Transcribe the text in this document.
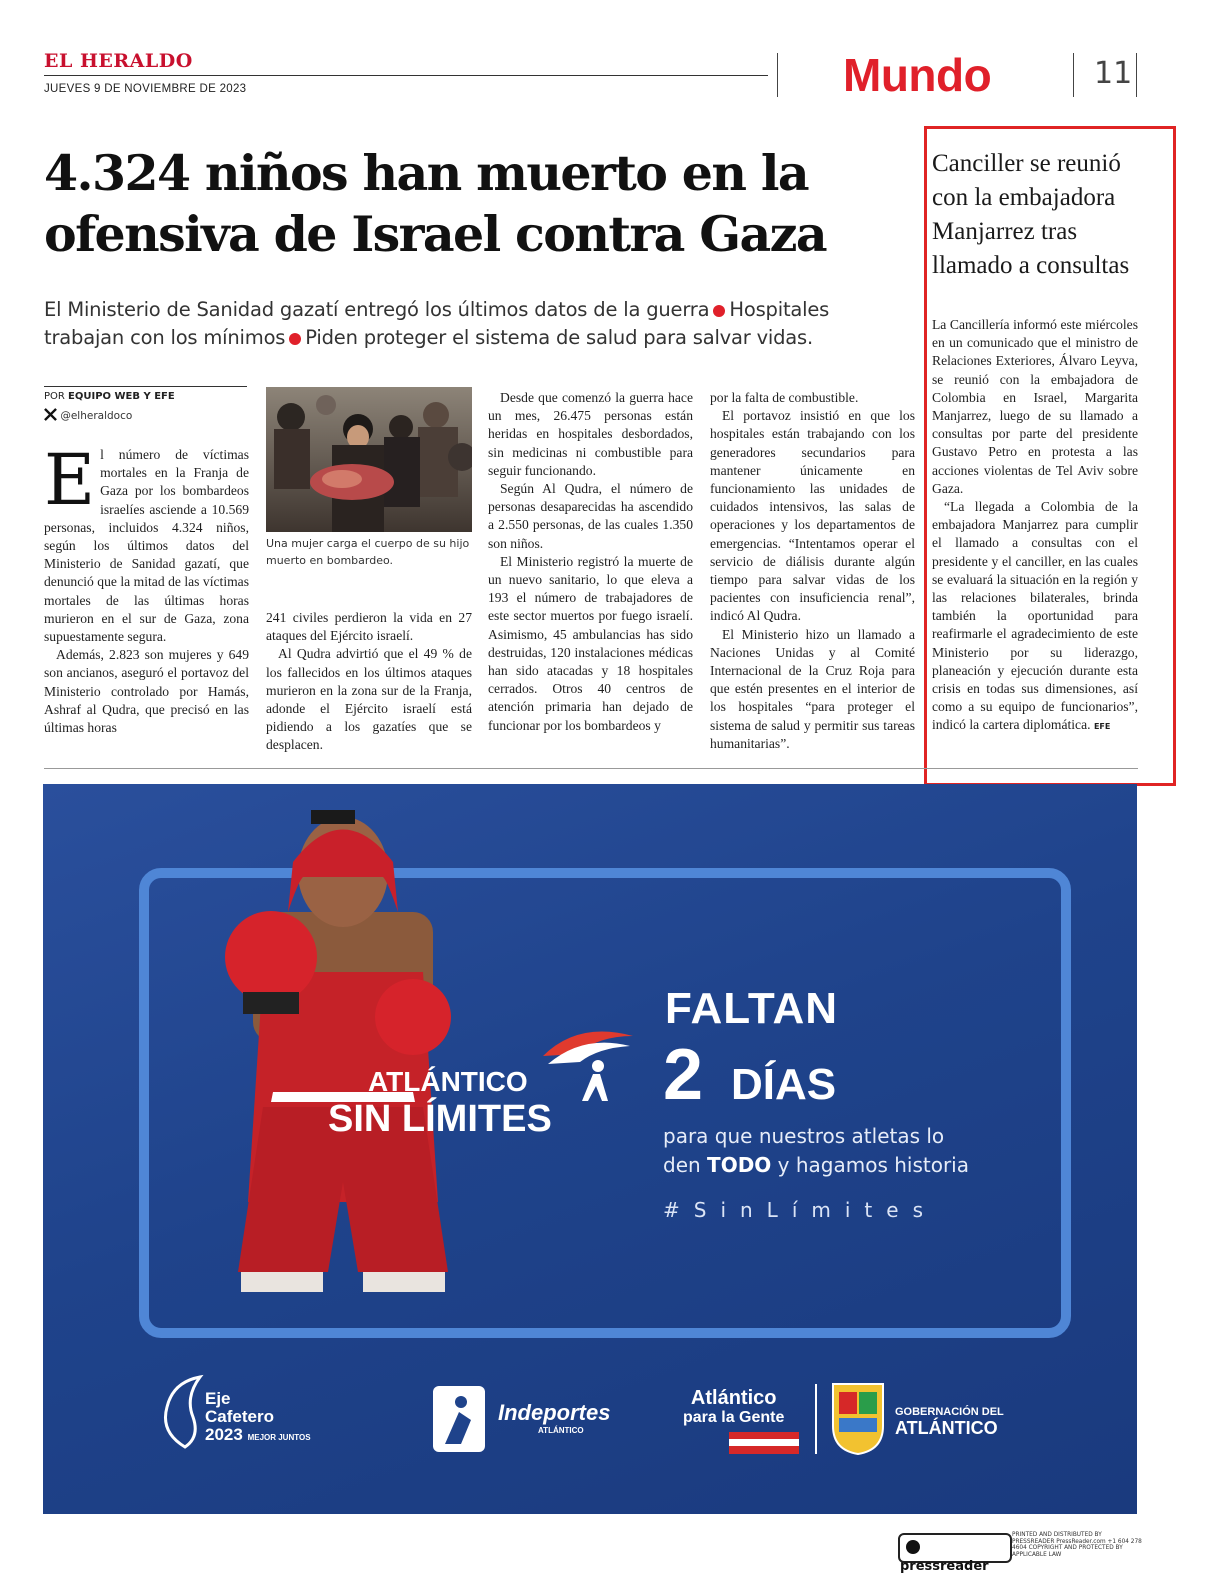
EL HERALDO
JUEVES 9 DE NOVIEMBRE DE 2023	Mundo	11
4.324 niños han muerto en la
ofensiva de Israel contra Gaza
El Ministerio de Sanidad gazatí entregó los últimos datos de la guerra Hospitales trabajan con los mínimos Piden proteger el sistema de salud para salvar vidas.
POR EQUIPO WEB Y EFE
@elheraldoco
E l número de víctimas mortales en la Franja de Gaza por los bombardeos israelíes asciende a 10.569 personas, incluidos 4.324 niños, según los últimos datos del Ministerio de Sanidad gazatí, que denunció que la mitad de las víctimas mortales de las últimas horas murieron en el sur de Gaza, zona supuestamente segura.

Además, 2.823 son mujeres y 649 son ancianos, aseguró el portavoz del Ministerio controlado por Hamás, Ashraf al Qudra, que precisó en las últimas horas

Una mujer carga el cuerpo de su hijo muerto en bombardeo.

241 civiles perdieron la vida en 27 ataques del Ejército israelí.

Al Qudra advirtió que el 49 % de los fallecidos en los últimos ataques murieron en la zona sur de la Franja, adonde el Ejército israelí está pidiendo a los gazatíes que se desplacen.

Desde que comenzó la guerra hace un mes, 26.475 personas están heridas en hospitales desbordados, sin medicinas ni combustible para seguir funcionando.

Según Al Qudra, el número de personas desaparecidas ha ascendido a 2.550 personas, de las cuales 1.350 son niños.

El Ministerio registró la muerte de un nuevo sanitario, lo que eleva a 193 el número de trabajadores de este sector muertos por fuego israelí. Asimismo, 45 ambulancias has sido destruidas, 120 instalaciones médicas han sido atacadas y 18 hospitales cerrados. Otros 40 centros de atención primaria han dejado de funcionar por los bombardeos y

por la falta de combustible.

El portavoz insistió en que los hospitales están trabajando con los generadores secundarios para mantener únicamente en funcionamiento las unidades de cuidados intensivos, las salas de operaciones y los departamentos de emergencias. “Intentamos operar el servicio de diálisis durante algún tiempo para salvar vidas de los pacientes con insuficiencia renal”, indicó Al Qudra.

El Ministerio hizo un llamado a Naciones Unidas y al Comité Internacional de la Cruz Roja para que estén presentes en el interior de los hospitales “para proteger el sistema de salud y permitir sus tareas humanitarias”.

Canciller se reunió con la embajadora Manjarrez tras llamado a consultas

La Cancillería informó este miércoles en un comunicado que el ministro de Relaciones Exteriores, Álvaro Leyva, se reunió con la embajadora de Colombia en Israel, Margarita Manjarrez, luego de su llamado a consultas por parte del presidente Gustavo Petro en protesta a las acciones violentas de Tel Aviv sobre Gaza.

“La llegada a Colombia de la embajadora Manjarrez para cumplir el llamado a consultas con el presidente y el canciller, en las cuales se evaluará la situación en la región y las relaciones bilaterales, brinda también la oportunidad para reafirmarle el agradecimiento de este Ministerio por su liderazgo, planeación y ejecución durante esta crisis en todas sus dimensiones, así como a su equipo de funcionarios”, indicó la cartera diplomática. EFE

ATLÁNTICO
SIN LÍMITES
FALTAN
2 DÍAS
para que nuestros atletas lo
den TODO y hagamos historia
#SinLímites
Eje
Cafetero
2023 MEJOR JUNTOS
Indeportes
ATLÁNTICO
Atlántico
para la Gente	GOBERNACIÓN DEL
ATLÁNTICO
pressreader
PRINTED AND DISTRIBUTED BY PRESSREADER PressReader.com +1 604 278 4604 COPYRIGHT AND PROTECTED BY APPLICABLE LAW
